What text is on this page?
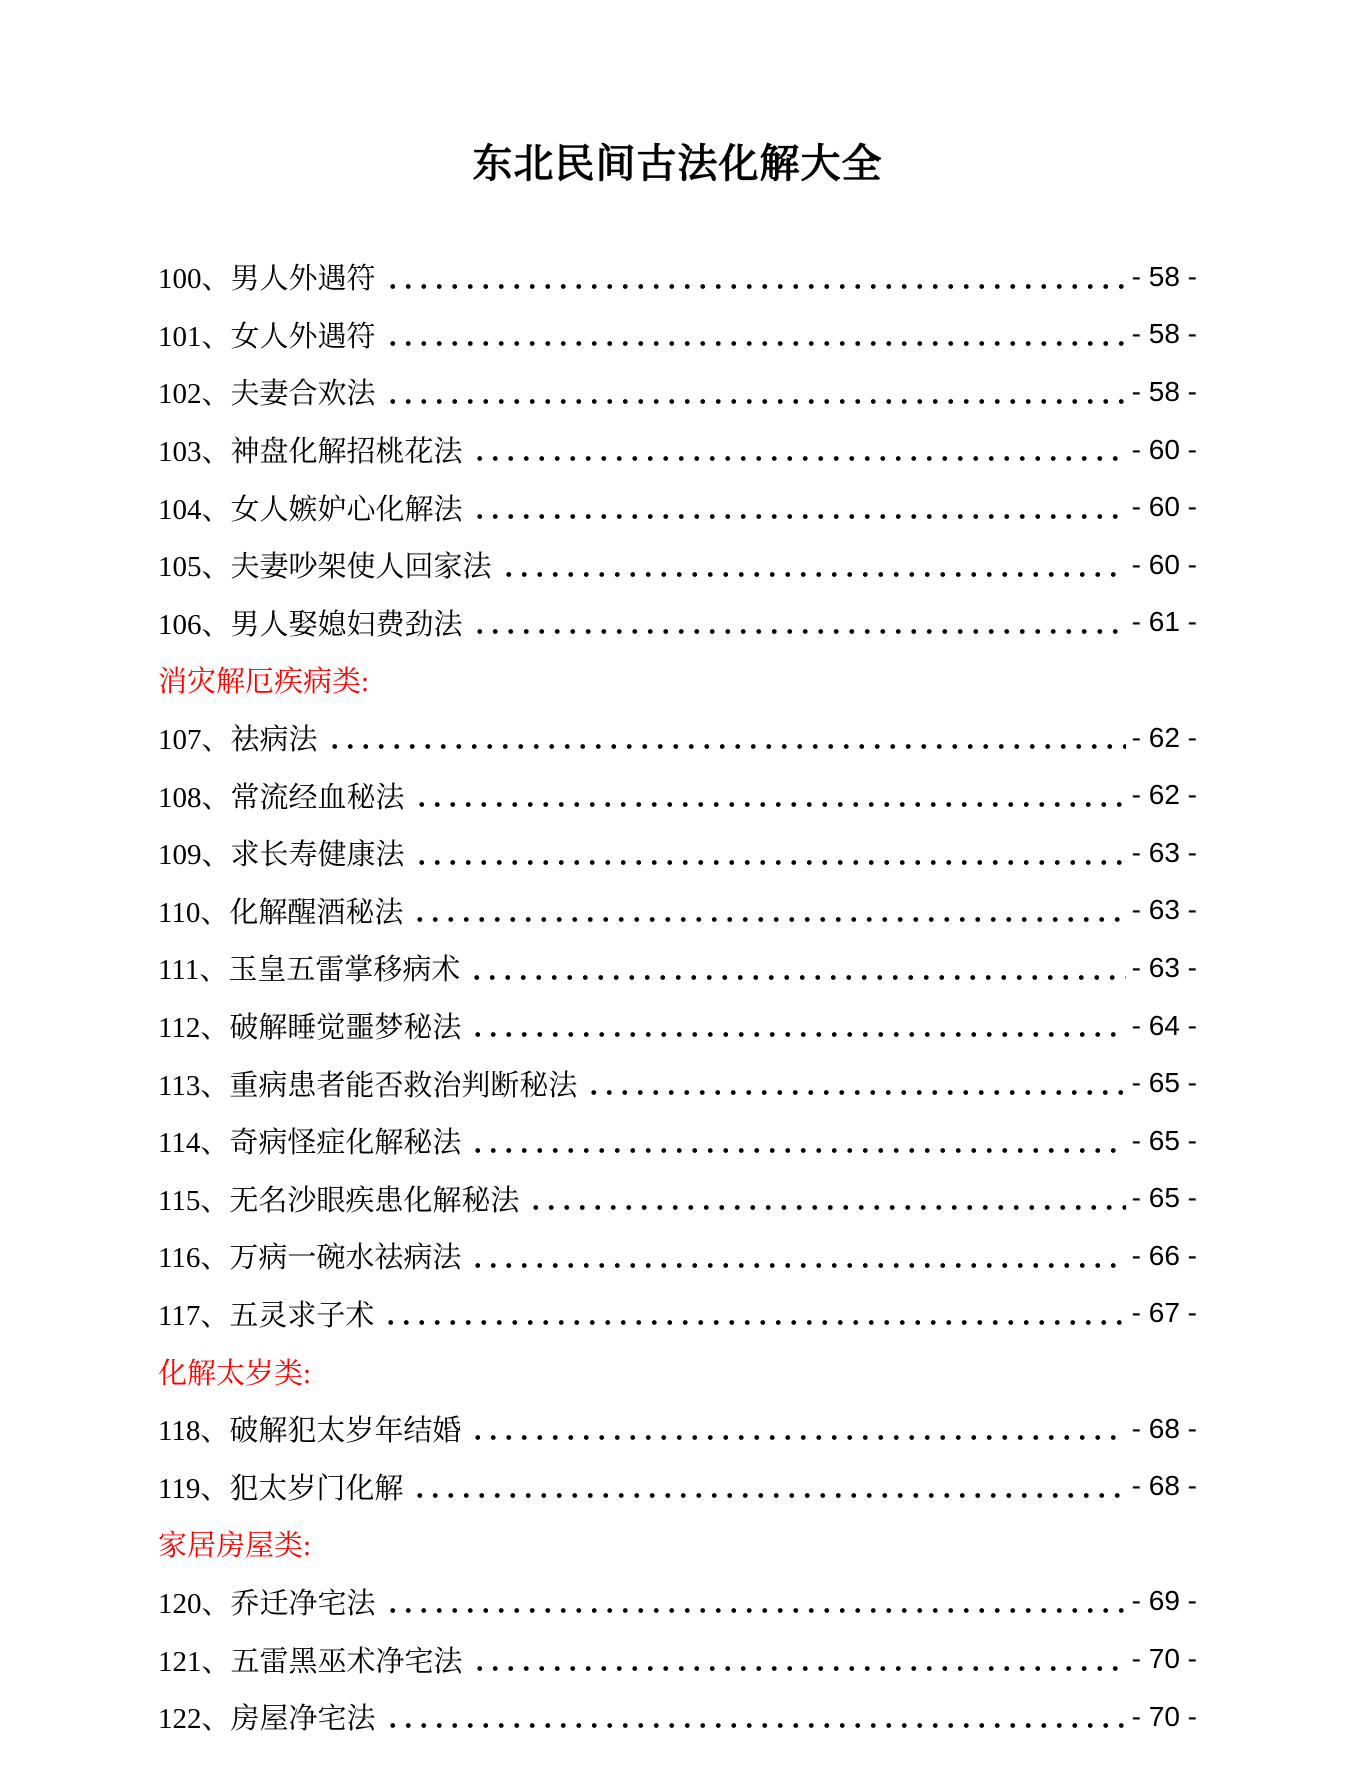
东北民间古法化解大全
100、男人外遇符	- 58 -
101、女人外遇符	- 58 -
102、夫妻合欢法	- 58 -
103、神盘化解招桃花法	- 60 -
104、女人嫉妒心化解法	- 60 -
105、夫妻吵架使人回家法	- 60 -
106、男人娶媳妇费劲法	- 61 -
消灾解厄疾病类:
107、祛病法	- 62 -
108、常流经血秘法	- 62 -
109、求长寿健康法	- 63 -
110、化解醒酒秘法	- 63 -
111、玉皇五雷掌移病术	- 63 -
112、破解睡觉噩梦秘法	- 64 -
113、重病患者能否救治判断秘法	- 65 -
114、奇病怪症化解秘法	- 65 -
115、无名沙眼疾患化解秘法	- 65 -
116、万病一碗水祛病法	- 66 -
117、五灵求子术	- 67 -
化解太岁类:
118、破解犯太岁年结婚	- 68 -
119、犯太岁门化解	- 68 -
家居房屋类:
120、乔迁净宅法	- 69 -
121、五雷黑巫术净宅法	- 70 -
122、房屋净宅法	- 70 -
